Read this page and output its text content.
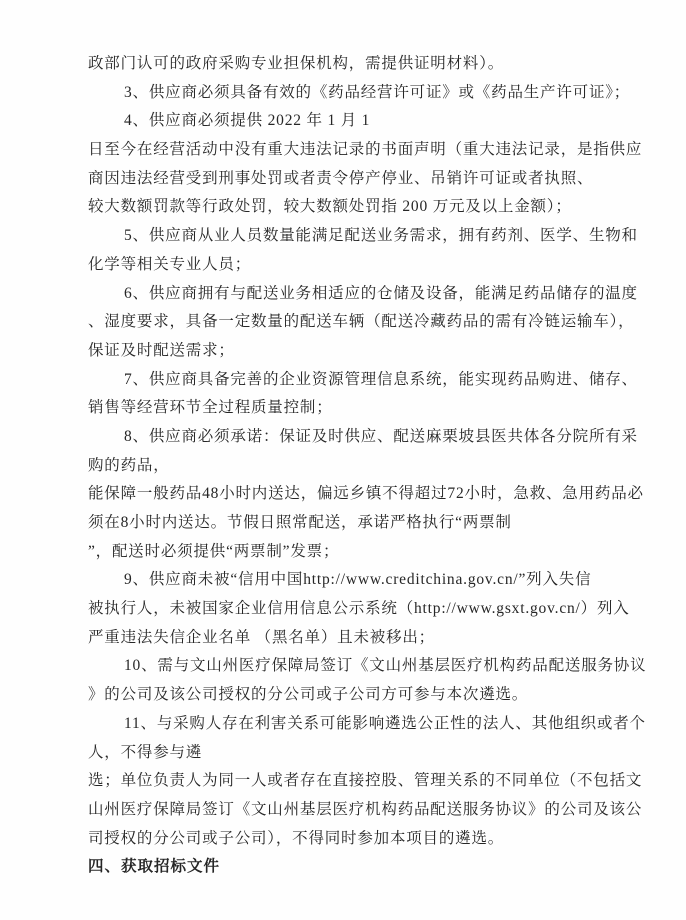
政部门认可的政府采购专业担保机构，需提供证明材料）。
3、供应商必须具备有效的《药品经营许可证》或《药品生产许可证》；
4、供应商必须提供 2022 年 1 月 1
日至今在经营活动中没有重大违法记录的书面声明（重大违法记录，是指供应
商因违法经营受到刑事处罚或者责令停产停业、吊销许可证或者执照、
较大数额罚款等行政处罚，较大数额处罚指 200 万元及以上金额）；
5、供应商从业人员数量能满足配送业务需求，拥有药剂、医学、生物和
化学等相关专业人员；
6、供应商拥有与配送业务相适应的仓储及设备，能满足药品储存的温度
、湿度要求，具备一定数量的配送车辆（配送冷藏药品的需有冷链运输车），
保证及时配送需求；
7、供应商具备完善的企业资源管理信息系统，能实现药品购进、储存、
销售等经营环节全过程质量控制；
8、供应商必须承诺：保证及时供应、配送麻栗坡县医共体各分院所有采
购的药品，
能保障一般药品48小时内送达，偏远乡镇不得超过72小时，急救、急用药品必
须在8小时内送达。节假日照常配送，承诺严格执行“两票制
”，配送时必须提供“两票制”发票；
9、供应商未被“信用中国http://www.creditchina.gov.cn/”列入失信
被执行人，未被国家企业信用信息公示系统（http://www.gsxt.gov.cn/）列入
严重违法失信企业名单 （黑名单）且未被移出；
10、需与文山州医疗保障局签订《文山州基层医疗机构药品配送服务协议
》的公司及该公司授权的分公司或子公司方可参与本次遴选。
11、与采购人存在利害关系可能影响遴选公正性的法人、其他组织或者个
人，不得参与遴
选；单位负责人为同一人或者存在直接控股、管理关系的不同单位（不包括文
山州医疗保障局签订《文山州基层医疗机构药品配送服务协议》的公司及该公
司授权的分公司或子公司），不得同时参加本项目的遴选。
四、获取招标文件
